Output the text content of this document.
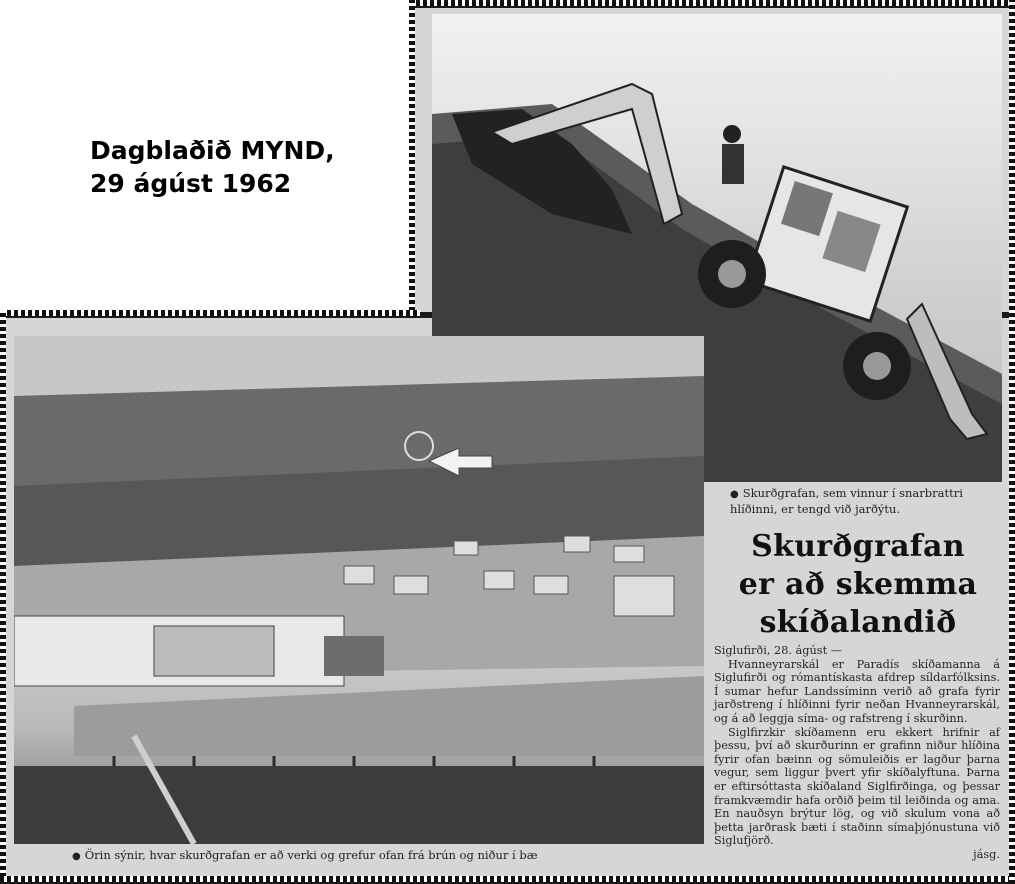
Dagblaðið MYND,
29 ágúst 1962
● Skurðgrafan, sem vinnur í snarbrattri hlíðinni, er tengd við jarðýtu.
● Örin sýnir, hvar skurðgrafan er að verki og grefur ofan frá brún og niður í bæ
Skurðgrafan
er að skemma
skíðalandið

Siglufirði, 28. ágúst —

Hvanneyrarskál er Paradís skíðamanna á Siglufirði og rómantískasta afdrep síldarfólksins. Í sumar hefur Landssíminn verið að grafa fyrir jarðstreng í hlíðinni fyrir neðan Hvanneyrarskál, og á að leggja síma- og rafstreng í skurðinn.

Siglfirzkir skíðamenn eru ekkert hrifnir af þessu, því að skurðurinn er grafinn niður hlíðina fyrir ofan bæinn og sömuleiðis er lagður þarna vegur, sem liggur þvert yfir skíðalyftuna. Þarna er eftirsóttasta skíðaland Siglfirðinga, og þessar framkvæmdir hafa orðið þeim til leiðinda og ama. En nauðsyn brýtur lög, og við skulum vona að þetta jarðrask bæti í staðinn símaþjónustuna við Siglufjörð.

jásg.
